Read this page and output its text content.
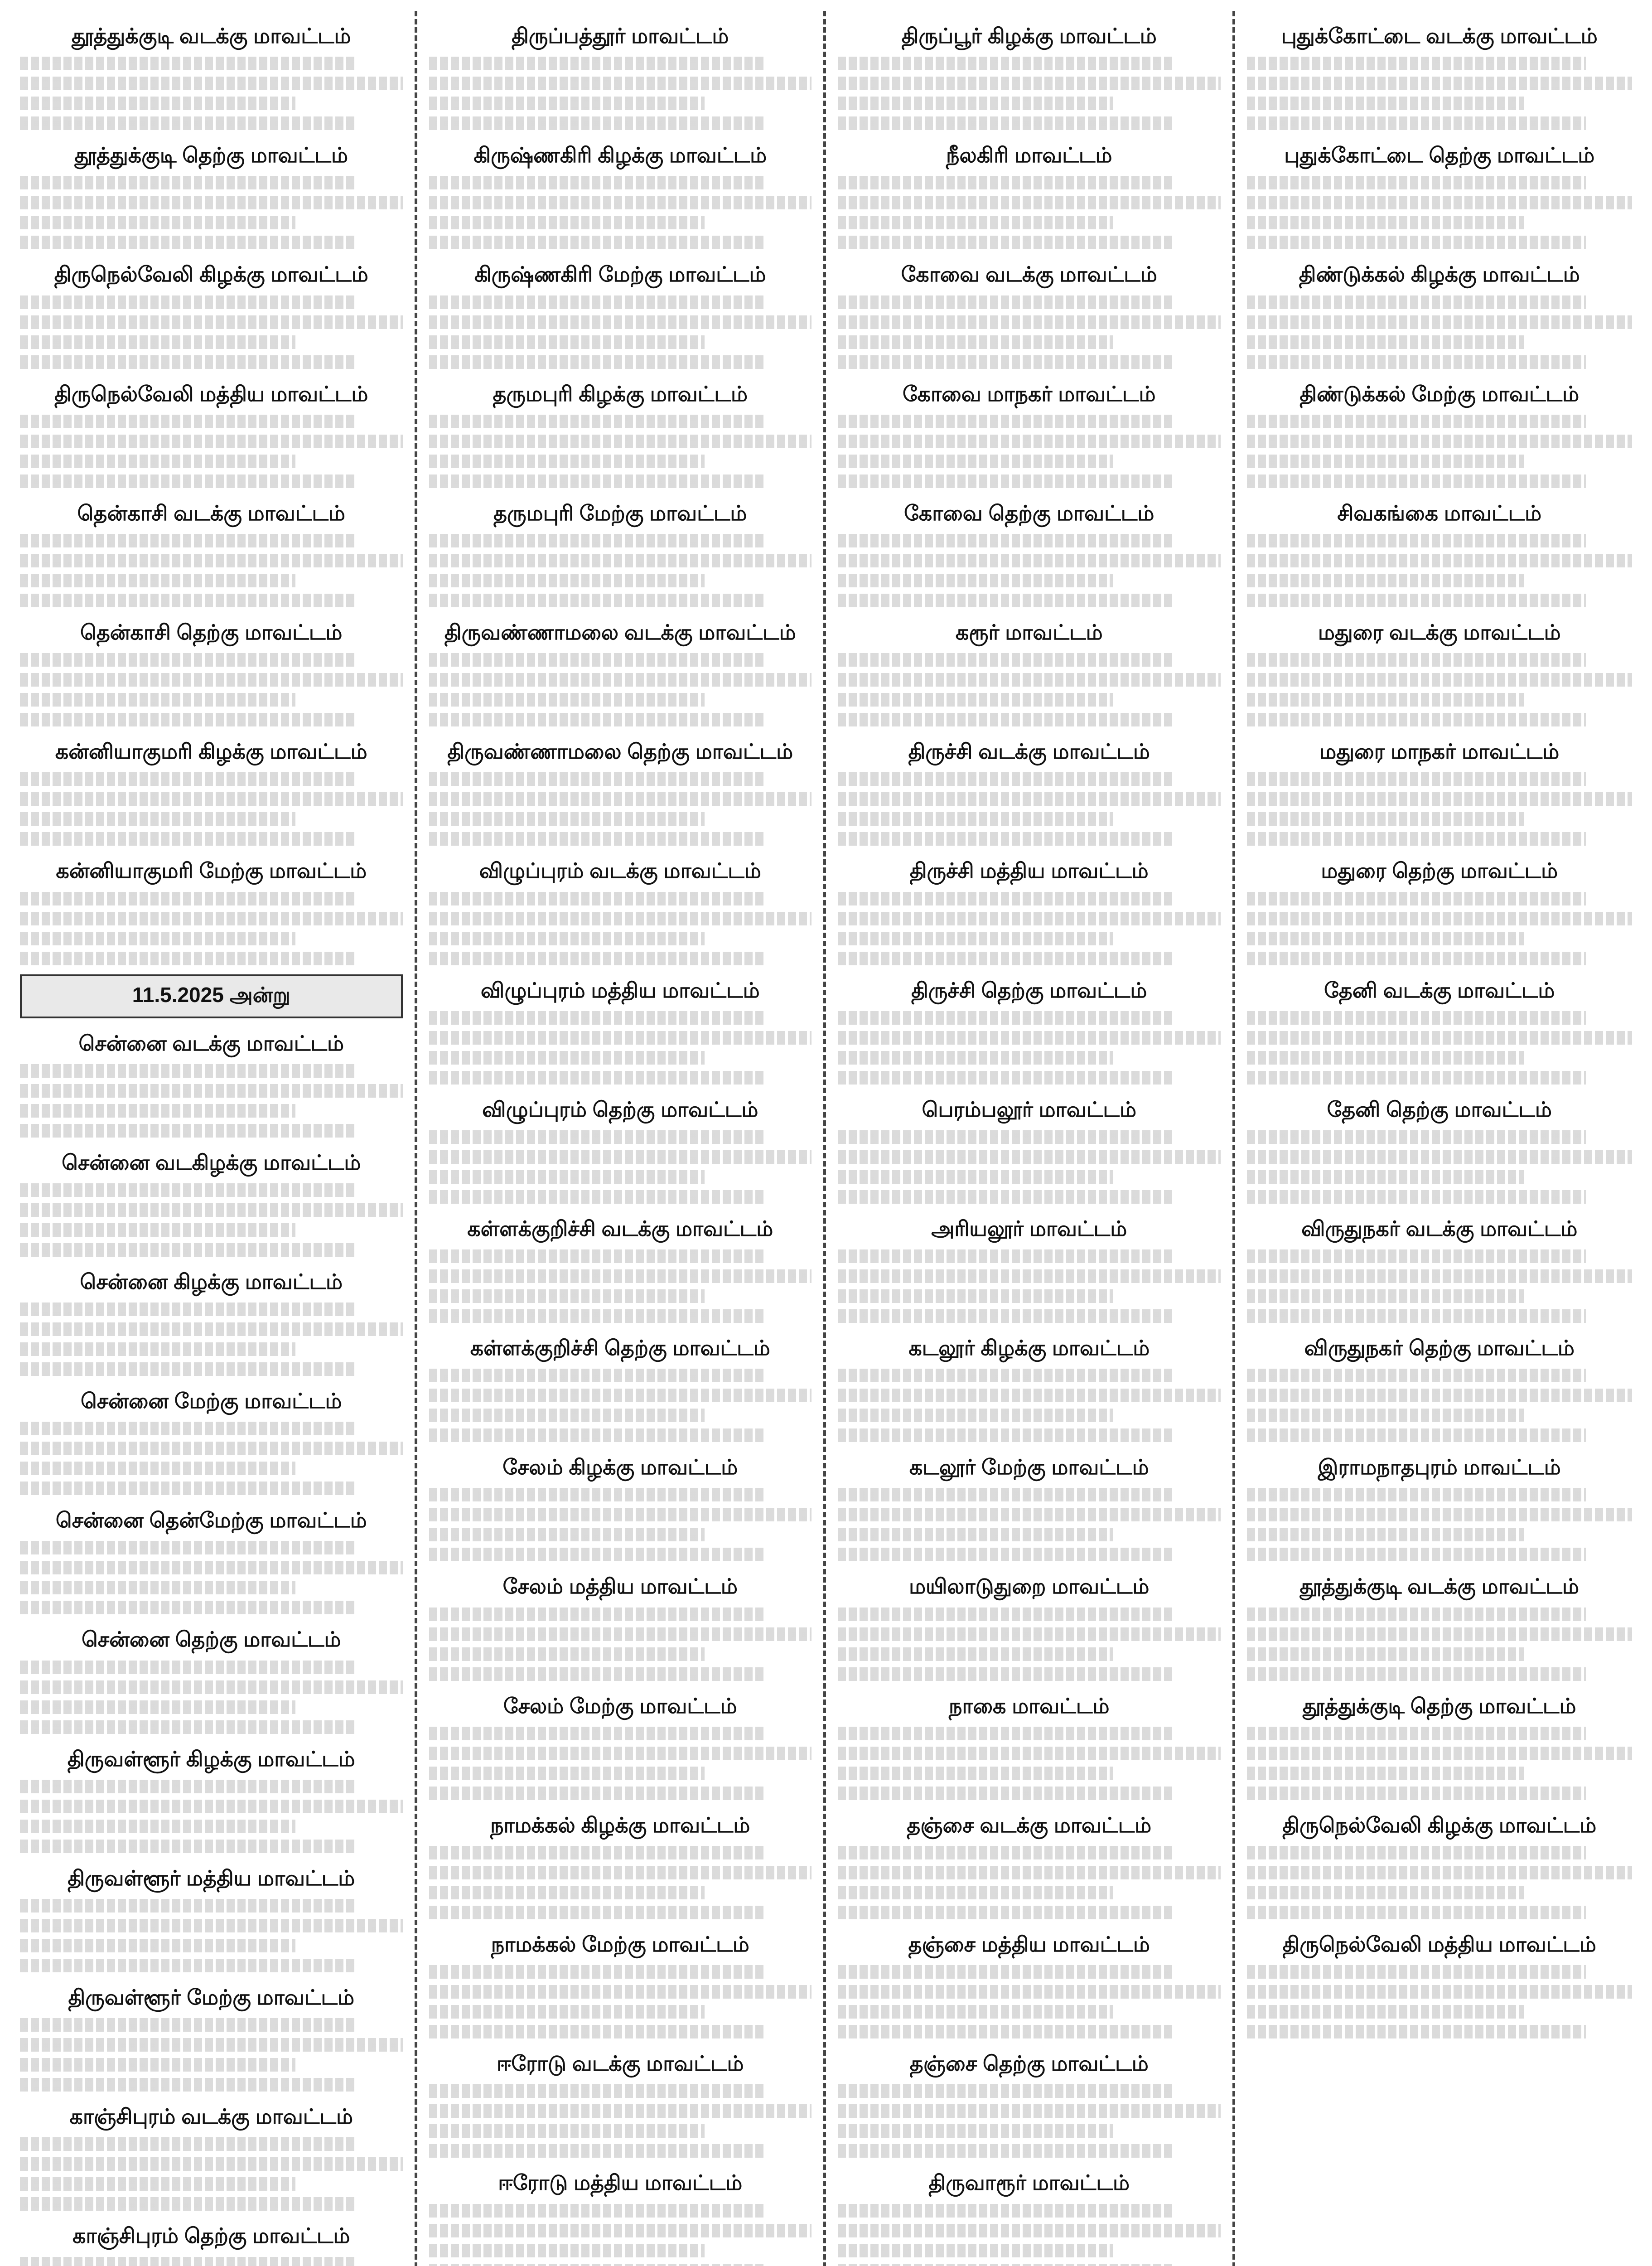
தூத்துக்குடி வடக்கு மாவட்டம்
தூத்துக்குடி தெற்கு மாவட்டம்
திருநெல்வேலி கிழக்கு மாவட்டம்
திருநெல்வேலி மத்திய மாவட்டம்
தென்காசி வடக்கு மாவட்டம்
தென்காசி தெற்கு மாவட்டம்
கன்னியாகுமரி கிழக்கு மாவட்டம்
கன்னியாகுமரி மேற்கு மாவட்டம்
11.5.2025 அன்று
சென்னை வடக்கு மாவட்டம்
சென்னை வடகிழக்கு மாவட்டம்
சென்னை கிழக்கு மாவட்டம்
சென்னை மேற்கு மாவட்டம்
சென்னை தென்மேற்கு மாவட்டம்
சென்னை தெற்கு மாவட்டம்
திருவள்ளூர் கிழக்கு மாவட்டம்
திருவள்ளூர் மத்திய மாவட்டம்
திருவள்ளூர் மேற்கு மாவட்டம்
காஞ்சிபுரம் வடக்கு மாவட்டம்
காஞ்சிபுரம் தெற்கு மாவட்டம்
திருப்பத்தூர் மாவட்டம்
கிருஷ்ணகிரி கிழக்கு மாவட்டம்
கிருஷ்ணகிரி மேற்கு மாவட்டம்
தருமபுரி கிழக்கு மாவட்டம்
தருமபுரி மேற்கு மாவட்டம்
திருவண்ணாமலை வடக்கு மாவட்டம்
திருவண்ணாமலை தெற்கு மாவட்டம்
விழுப்புரம் வடக்கு மாவட்டம்
விழுப்புரம் மத்திய மாவட்டம்
விழுப்புரம் தெற்கு மாவட்டம்
கள்ளக்குறிச்சி வடக்கு மாவட்டம்
கள்ளக்குறிச்சி தெற்கு மாவட்டம்
சேலம் கிழக்கு மாவட்டம்
சேலம் மத்திய மாவட்டம்
சேலம் மேற்கு மாவட்டம்
நாமக்கல் கிழக்கு மாவட்டம்
நாமக்கல் மேற்கு மாவட்டம்
ஈரோடு வடக்கு மாவட்டம்
ஈரோடு மத்திய மாவட்டம்
திருப்பூர் கிழக்கு மாவட்டம்
நீலகிரி மாவட்டம்
கோவை வடக்கு மாவட்டம்
கோவை மாநகர் மாவட்டம்
கோவை தெற்கு மாவட்டம்
கரூர் மாவட்டம்
திருச்சி வடக்கு மாவட்டம்
திருச்சி மத்திய மாவட்டம்
திருச்சி தெற்கு மாவட்டம்
பெரம்பலூர் மாவட்டம்
அரியலூர் மாவட்டம்
கடலூர் கிழக்கு மாவட்டம்
கடலூர் மேற்கு மாவட்டம்
மயிலாடுதுறை மாவட்டம்
நாகை மாவட்டம்
தஞ்சை வடக்கு மாவட்டம்
தஞ்சை மத்திய மாவட்டம்
தஞ்சை தெற்கு மாவட்டம்
திருவாரூர் மாவட்டம்
புதுக்கோட்டை வடக்கு மாவட்டம்
புதுக்கோட்டை தெற்கு மாவட்டம்
திண்டுக்கல் கிழக்கு மாவட்டம்
திண்டுக்கல் மேற்கு மாவட்டம்
சிவகங்கை மாவட்டம்
மதுரை வடக்கு மாவட்டம்
மதுரை மாநகர் மாவட்டம்
மதுரை தெற்கு மாவட்டம்
தேனி வடக்கு மாவட்டம்
தேனி தெற்கு மாவட்டம்
விருதுநகர் வடக்கு மாவட்டம்
விருதுநகர் தெற்கு மாவட்டம்
இராமநாதபுரம் மாவட்டம்
தூத்துக்குடி வடக்கு மாவட்டம்
தூத்துக்குடி தெற்கு மாவட்டம்
திருநெல்வேலி கிழக்கு மாவட்டம்
திருநெல்வேலி மத்திய மாவட்டம்
